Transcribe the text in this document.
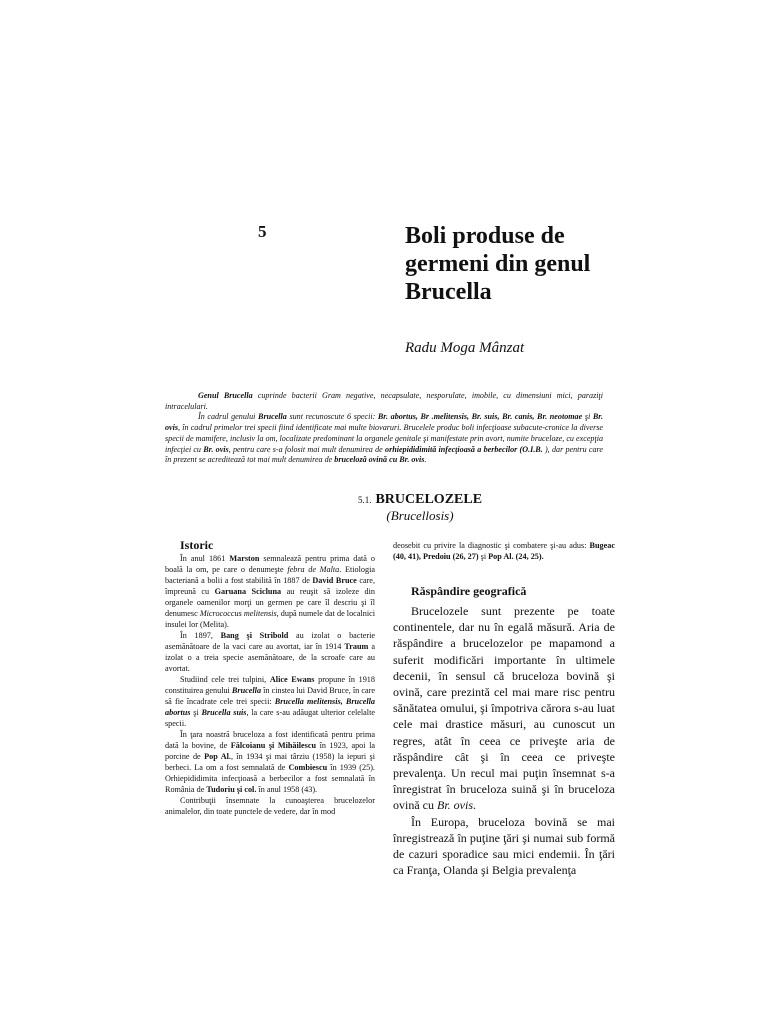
5	Boli produse de
germeni din genul
Brucella
Radu Moga Mânzat

Genul Brucella cuprinde bacterii Gram negative, necapsulate, nesporulate, imobile, cu dimensiuni mici, paraziţi intracelulari.

În cadrul genului Brucella sunt recunoscute 6 specii: Br. abortus, Br .melitensis, Br. suis, Br. canis, Br. neotomae şi Br. ovis, în cadrul primelor trei specii fiind identificate mai multe biovaruri. Brucelele produc boli infecţioase subacute-cronice la diverse specii de mamifere, inclusiv la om, localizate predominant la organele genitale şi manifestate prin avort, numite bruceloze, cu excepţia infecţiei cu Br. ovis, pentru care s-a folosit mai mult denumirea de orhiepididimită infecţioasă a berbecilor (O.I.B. ), dar pentru care în prezent se acreditează tot mai mult denumirea de bruceloză ovină cu Br. ovis.

5.1. BRUCELOZELE
(Brucellosis)
Istoric

În anul 1861 Marston semnalează pentru prima dată o boală la om, pe care o denumeşte febra de Malta. Etiologia bacteriană a bolii a fost stabilită în 1887 de David Bruce care, împreună cu Garuana Scicluna au reuşit să izoleze din organele oamenilor morţi un germen pe care îl descriu şi îl denumesc Micrococcus melitensis, după numele dat de localnici insulei lor (Melita).

În 1897, Bang şi Stribold au izolat o bacterie asemănătoare de la vaci care au avortat, iar în 1914 Traum a izolat o a treia specie asemănătoare, de la scroafe care au avortat.

Studiind cele trei tulpini, Alice Ewans propune în 1918 constituirea genului Brucella în cinstea lui David Bruce, în care să fie încadrate cele trei specii: Brucella melitensis, Brucella abortus şi Brucella suis, la care s-au adăugat ulterior celelalte specii.

În ţara noastră bruceloza a fost identificată pentru prima dată la bovine, de Fălcoianu şi Mihăilescu în 1923, apoi la porcine de Pop Al., în 1934 şi mai târziu (1958) la iepuri şi berbeci. La om a fost semnalată de Combiescu în 1939 (25). Orhiepididimita infecţioasă a berbecilor a fost semnalată în România de Tudoriu şi col. în anul 1958 (43).

Contribuţii însemnate la cunoaşterea brucelozelor animalelor, din toate punctele de vedere, dar în mod

deosebit cu privire la diagnostic şi combatere şi-au adus: Bugeac (40, 41), Predoiu (26, 27) şi Pop Al. (24, 25).

Răspândire geografică

Brucelozele sunt prezente pe toate continentele, dar nu în egală măsură. Aria de răspândire a brucelozelor pe mapamond a suferit modificări importante în ultimele decenii, în sensul că bruceloza bovină şi ovină, care prezintă cel mai mare risc pentru sănătatea omului, şi împotriva cărora s-au luat cele mai drastice măsuri, au cunoscut un regres, atât în ceea ce priveşte aria de răspândire cât şi în ceea ce priveşte prevalenţa. Un recul mai puţin însemnat s-a înregistrat în bruceloza suină şi în bruceloza ovină cu Br. ovis.

În Europa, bruceloza bovină se mai înregistrează în puţine ţări şi numai sub formă de cazuri sporadice sau mici endemii. În ţări ca Franţa, Olanda şi Belgia prevalenţa
